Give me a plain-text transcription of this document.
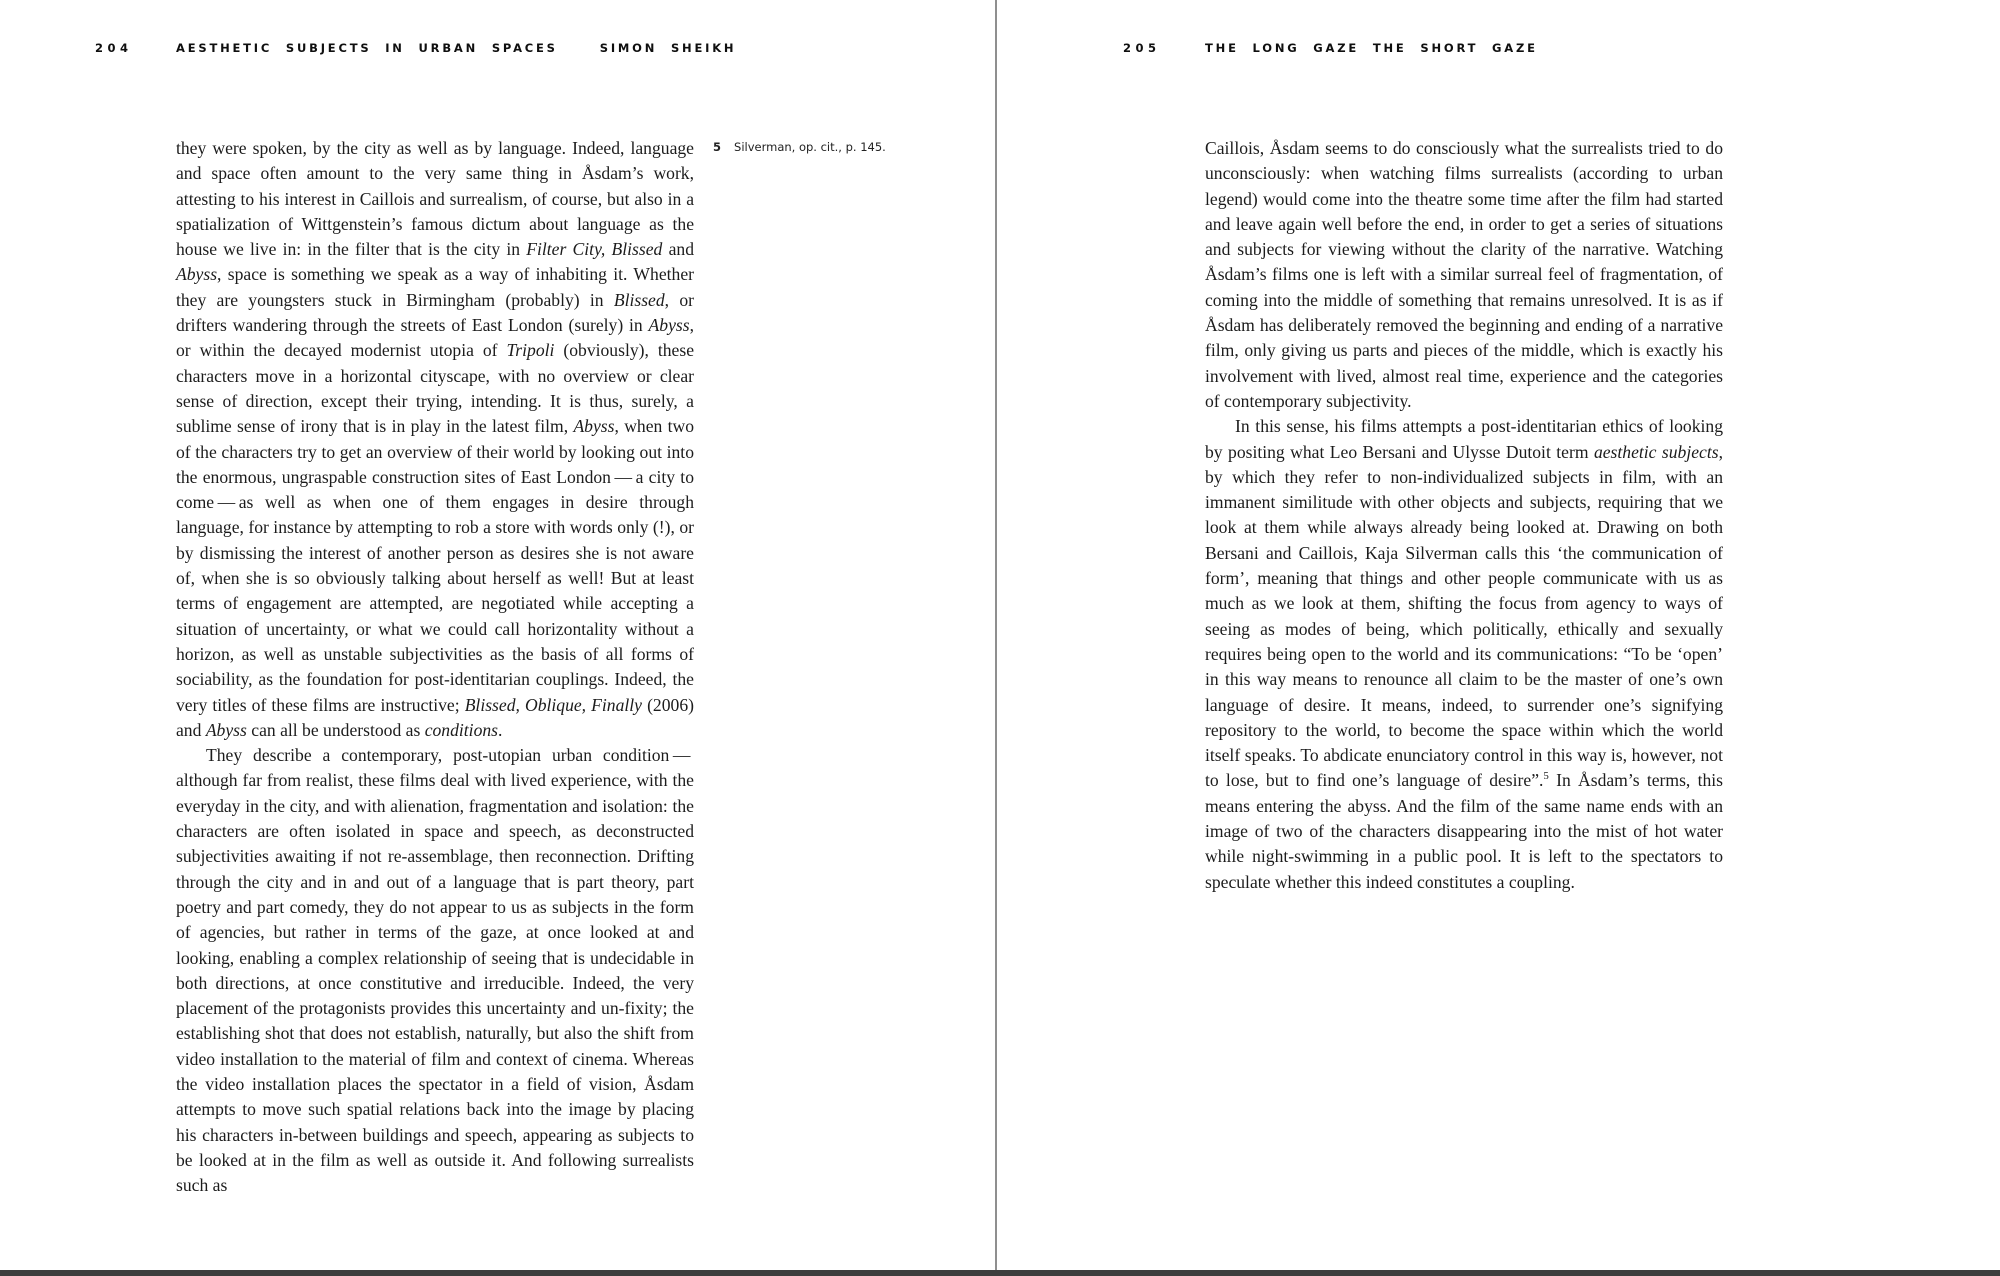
204	AESTHETIC SUBJECTS IN URBAN SPACES	SIMON SHEIKH	205	THE LONG GAZE THE SHORT GAZE

they were spoken, by the city as well as by language. Indeed, language and space often amount to the very same thing in Åsdam’s work, attesting to his interest in Caillois and surrealism, of course, but also in a spatialization of Wittgenstein’s famous dictum about language as the house we live in: in the filter that is the city in Filter City, Blissed and Abyss, space is something we speak as a way of inhabiting it. Whether they are youngsters stuck in Birmingham (probably) in Blissed, or drifters wandering through the streets of East London (surely) in Abyss, or within the decayed modernist utopia of Tripoli (obviously), these characters move in a horizontal cityscape, with no overview or clear sense of direction, except their trying, intending. It is thus, surely, a sublime sense of irony that is in play in the latest film, Abyss, when two of the characters try to get an overview of their world by looking out into the enormous, ungraspable construction sites of East London — a city to come — as well as when one of them engages in desire through language, for instance by attempting to rob a store with words only (!), or by dismissing the interest of another person as desires she is not aware of, when she is so obviously talking about herself as well! But at least terms of engagement are attempted, are negotiated while accepting a situation of uncertainty, or what we could call horizontality without a horizon, as well as unstable subjectivities as the basis of all forms of sociability, as the foundation for post-identitarian couplings. Indeed, the very titles of these films are instructive; Blissed, Oblique, Finally (2006) and Abyss can all be understood as conditions.

They describe a contemporary, post-utopian urban condition — although far from realist, these films deal with lived experience, with the everyday in the city, and with alienation, fragmentation and isolation: the characters are often isolated in space and speech, as deconstructed subjectivities awaiting if not re-assemblage, then reconnection. Drifting through the city and in and out of a language that is part theory, part poetry and part comedy, they do not appear to us as subjects in the form of agencies, but rather in terms of the gaze, at once looked at and looking, enabling a complex relationship of seeing that is undecidable in both directions, at once constitutive and irreducible. Indeed, the very placement of the protagonists provides this uncertainty and un-fixity; the establishing shot that does not establish, naturally, but also the shift from video installation to the material of film and context of cinema. Whereas the video installation places the spectator in a field of vision, Åsdam attempts to move such spatial relations back into the image by placing his characters in-between buildings and speech, appearing as subjects to be looked at in the film as well as outside it. And following surrealists such as

5 Silverman, op. cit., p. 145.	Caillois, Åsdam seems to do consciously what the surrealists tried to do unconsciously: when watching films surrealists (according to urban legend) would come into the theatre some time after the film had started and leave again well before the end, in order to get a series of situations and subjects for viewing without the clarity of the narrative. Watching Åsdam’s films one is left with a similar surreal feel of fragmentation, of coming into the middle of something that remains unresolved. It is as if Åsdam has deliberately removed the beginning and ending of a narrative film, only giving us parts and pieces of the middle, which is exactly his involvement with lived, almost real time, experience and the categories of contemporary subjectivity.

In this sense, his films attempts a post-identitarian ethics of looking by positing what Leo Bersani and Ulysse Dutoit term aesthetic subjects, by which they refer to non-individualized subjects in film, with an immanent similitude with other objects and subjects, requiring that we look at them while always already being looked at. Drawing on both Bersani and Caillois, Kaja Silverman calls this ‘the communication of form’, meaning that things and other people communicate with us as much as we look at them, shifting the focus from agency to ways of seeing as modes of being, which politically, ethically and sexually requires being open to the world and its communications: “To be ‘open’ in this way means to renounce all claim to be the master of one’s own language of desire. It means, indeed, to surrender one’s signifying repository to the world, to become the space within which the world itself speaks. To abdicate enunciatory control in this way is, however, not to lose, but to find one’s language of desire”.$^5$ In Åsdam’s terms, this means entering the abyss. And the film of the same name ends with an image of two of the characters disappearing into the mist of hot water while night-swimming in a public pool. It is left to the spectators to speculate whether this indeed constitutes a coupling.
